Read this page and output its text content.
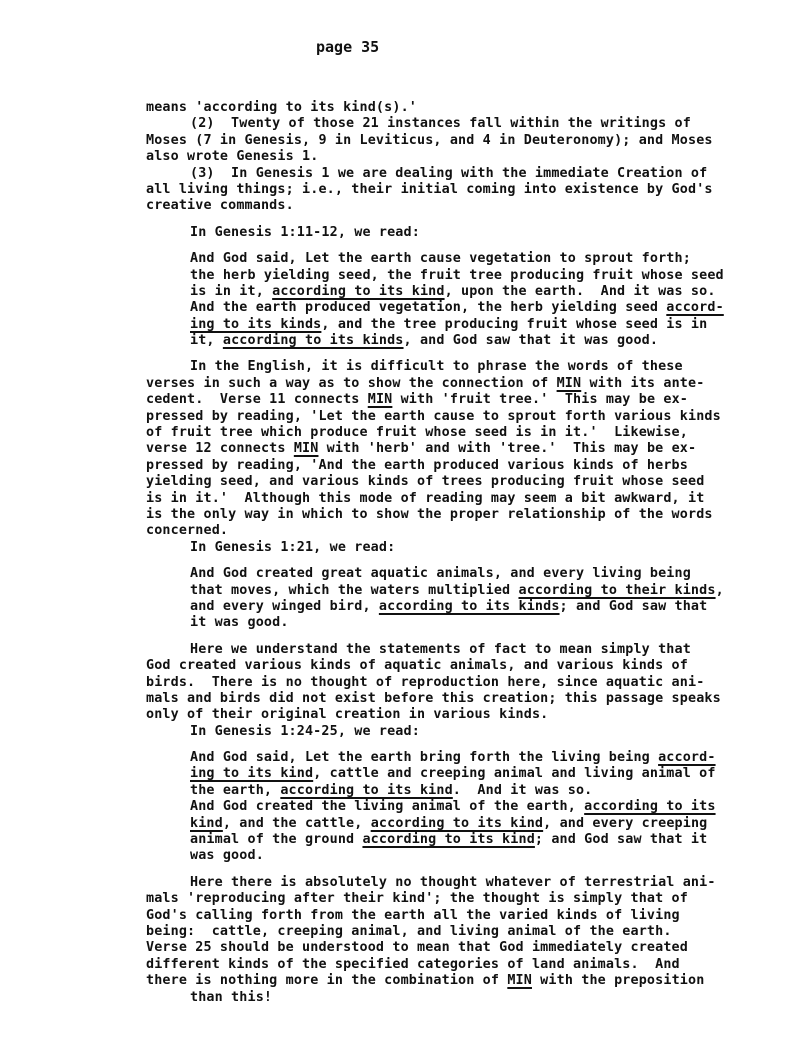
page 35
means 'according to its kind(s).'
(2)  Twenty of those 21 instances fall within the writings of
Moses (7 in Genesis, 9 in Leviticus, and 4 in Deuteronomy); and Moses
also wrote Genesis 1.
(3)  In Genesis 1 we are dealing with the immediate Creation of
all living things; i.e., their initial coming into existence by God's
creative commands.
In Genesis 1:11-12, we read:
And God said, Let the earth cause vegetation to sprout forth;
the herb yielding seed, the fruit tree producing fruit whose seed
is in it, according to its kind, upon the earth.  And it was so.
And the earth produced vegetation, the herb yielding seed accord-
ing to its kinds, and the tree producing fruit whose seed is in
it, according to its kinds, and God saw that it was good.
In the English, it is difficult to phrase the words of these
verses in such a way as to show the connection of MIN with its ante-
cedent.  Verse 11 connects MIN with 'fruit tree.'  This may be ex-
pressed by reading, 'Let the earth cause to sprout forth various kinds
of fruit tree which produce fruit whose seed is in it.'  Likewise,
verse 12 connects MIN with 'herb' and with 'tree.'  This may be ex-
pressed by reading, 'And the earth produced various kinds of herbs
yielding seed, and various kinds of trees producing fruit whose seed
is in it.'  Although this mode of reading may seem a bit awkward, it
is the only way in which to show the proper relationship of the words
concerned.
In Genesis 1:21, we read:
And God created great aquatic animals, and every living being
that moves, which the waters multiplied according to their kinds,
and every winged bird, according to its kinds; and God saw that
it was good.
Here we understand the statements of fact to mean simply that
God created various kinds of aquatic animals, and various kinds of
birds.  There is no thought of reproduction here, since aquatic ani-
mals and birds did not exist before this creation; this passage speaks
only of their original creation in various kinds.
In Genesis 1:24-25, we read:
And God said, Let the earth bring forth the living being accord-
ing to its kind, cattle and creeping animal and living animal of
the earth, according to its kind.  And it was so.
And God created the living animal of the earth, according to its
kind, and the cattle, according to its kind, and every creeping
animal of the ground according to its kind; and God saw that it
was good.
Here there is absolutely no thought whatever of terrestrial ani-
mals 'reproducing after their kind'; the thought is simply that of
God's calling forth from the earth all the varied kinds of living
being:  cattle, creeping animal, and living animal of the earth.
Verse 25 should be understood to mean that God immediately created
different kinds of the specified categories of land animals.  And
there is nothing more in the combination of MIN with the preposition
than this!
